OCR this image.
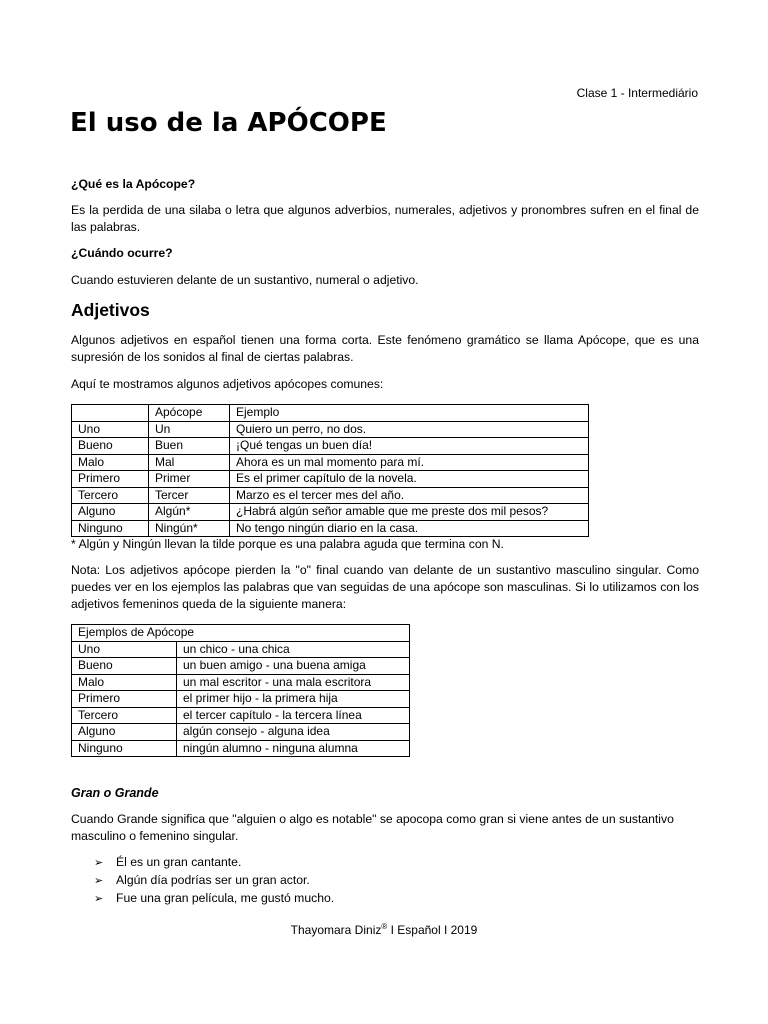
Clase 1 - Intermediário
El uso de la APÓCOPE
¿Qué es la Apócope?
Es la perdida de una silaba o letra que algunos adverbios, numerales, adjetivos y pronombres sufren en el final de las palabras.
¿Cuándo ocurre?
Cuando estuvieren delante de un sustantivo, numeral o adjetivo.
Adjetivos
Algunos adjetivos en español tienen una forma corta. Este fenómeno gramático se llama Apócope, que es una supresión de los sonidos al final de ciertas palabras.
Aquí te mostramos algunos adjetivos apócopes comunes:
	Apócope	Ejemplo
Uno	Un	Quiero un perro, no dos.
Bueno	Buen	¡Qué tengas un buen día!
Malo	Mal	Ahora es un mal momento para mí.
Primero	Primer	Es el primer capítulo de la novela.
Tercero	Tercer	Marzo es el tercer mes del año.
Alguno	Algún*	¿Habrá algún señor amable que me preste dos mil pesos?
Ninguno	Ningún*	No tengo ningún diario en la casa.
* Algún y Ningún llevan la tilde porque es una palabra aguda que termina con N.
Nota: Los adjetivos apócope pierden la "o" final cuando van delante de un sustantivo masculino singular. Como puedes ver en los ejemplos las palabras que van seguidas de una apócope son masculinas. Si lo utilizamos con los adjetivos femeninos queda de la siguiente manera:
Ejemplos de Apócope	
Uno	un chico - una chica
Bueno	un buen amigo - una buena amiga
Malo	un mal escritor - una mala escritora
Primero	el primer hijo - la primera hija
Tercero	el tercer capítulo - la tercera línea
Alguno	algún consejo - alguna idea
Ninguno	ningún alumno - ninguna alumna
Gran o Grande
Cuando Grande significa que "alguien o algo es notable" se apocopa como gran si viene antes de un sustantivo masculino o femenino singular.
➢ Él es un gran cantante.
➢ Algún día podrías ser un gran actor.
➢ Fue una gran película, me gustó mucho.
Thayomara Diniz® I Español I 2019
